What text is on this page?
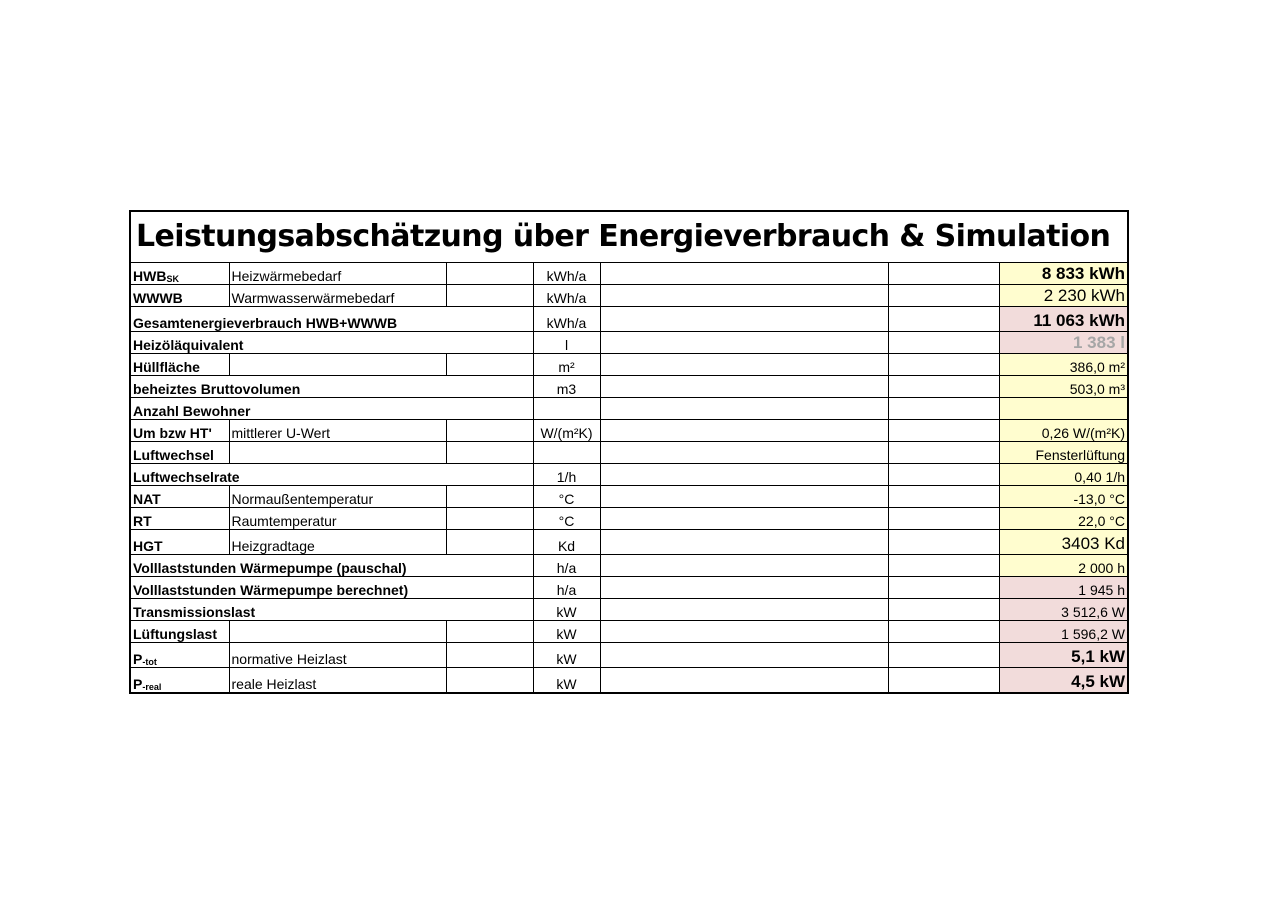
Leistungsabschätzung über Energieverbrauch & Simulation
$HWB_{SK}$	Heizwärmebedarf		kWh/a			8 833 kWh
WWWB	Warmwasserwärmebedarf		kWh/a			2 230 kWh
Gesamtenergieverbrauch HWB+WWWB			kWh/a			11 063 kWh
Heizöläquivalent			l			1 383 l
Hüllfläche			m²			386,0 m²
beheiztes Bruttovolumen			m3			503,0 m³
Anzahl Bewohner						
Um bzw HT'	mittlerer U-Wert		W/(m²K)			0,26 W/(m²K)
Luftwechsel						Fensterlüftung
Luftwechselrate			1/h			0,40 1/h
NAT	Normaußentemperatur		°C			-13,0 °C
RT	Raumtemperatur		°C			22,0 °C
HGT	Heizgradtage		Kd			3403 Kd
Volllaststunden Wärmepumpe (pauschal)			h/a			2 000 h
Volllaststunden Wärmepumpe berechnet)			h/a			1 945 h
Transmissionslast			kW			3 512,6 W
Lüftungslast			kW			1 596,2 W
$P_{-tot}$	normative Heizlast		kW			5,1 kW
$P_{-real}$	reale Heizlast		kW			4,5 kW
